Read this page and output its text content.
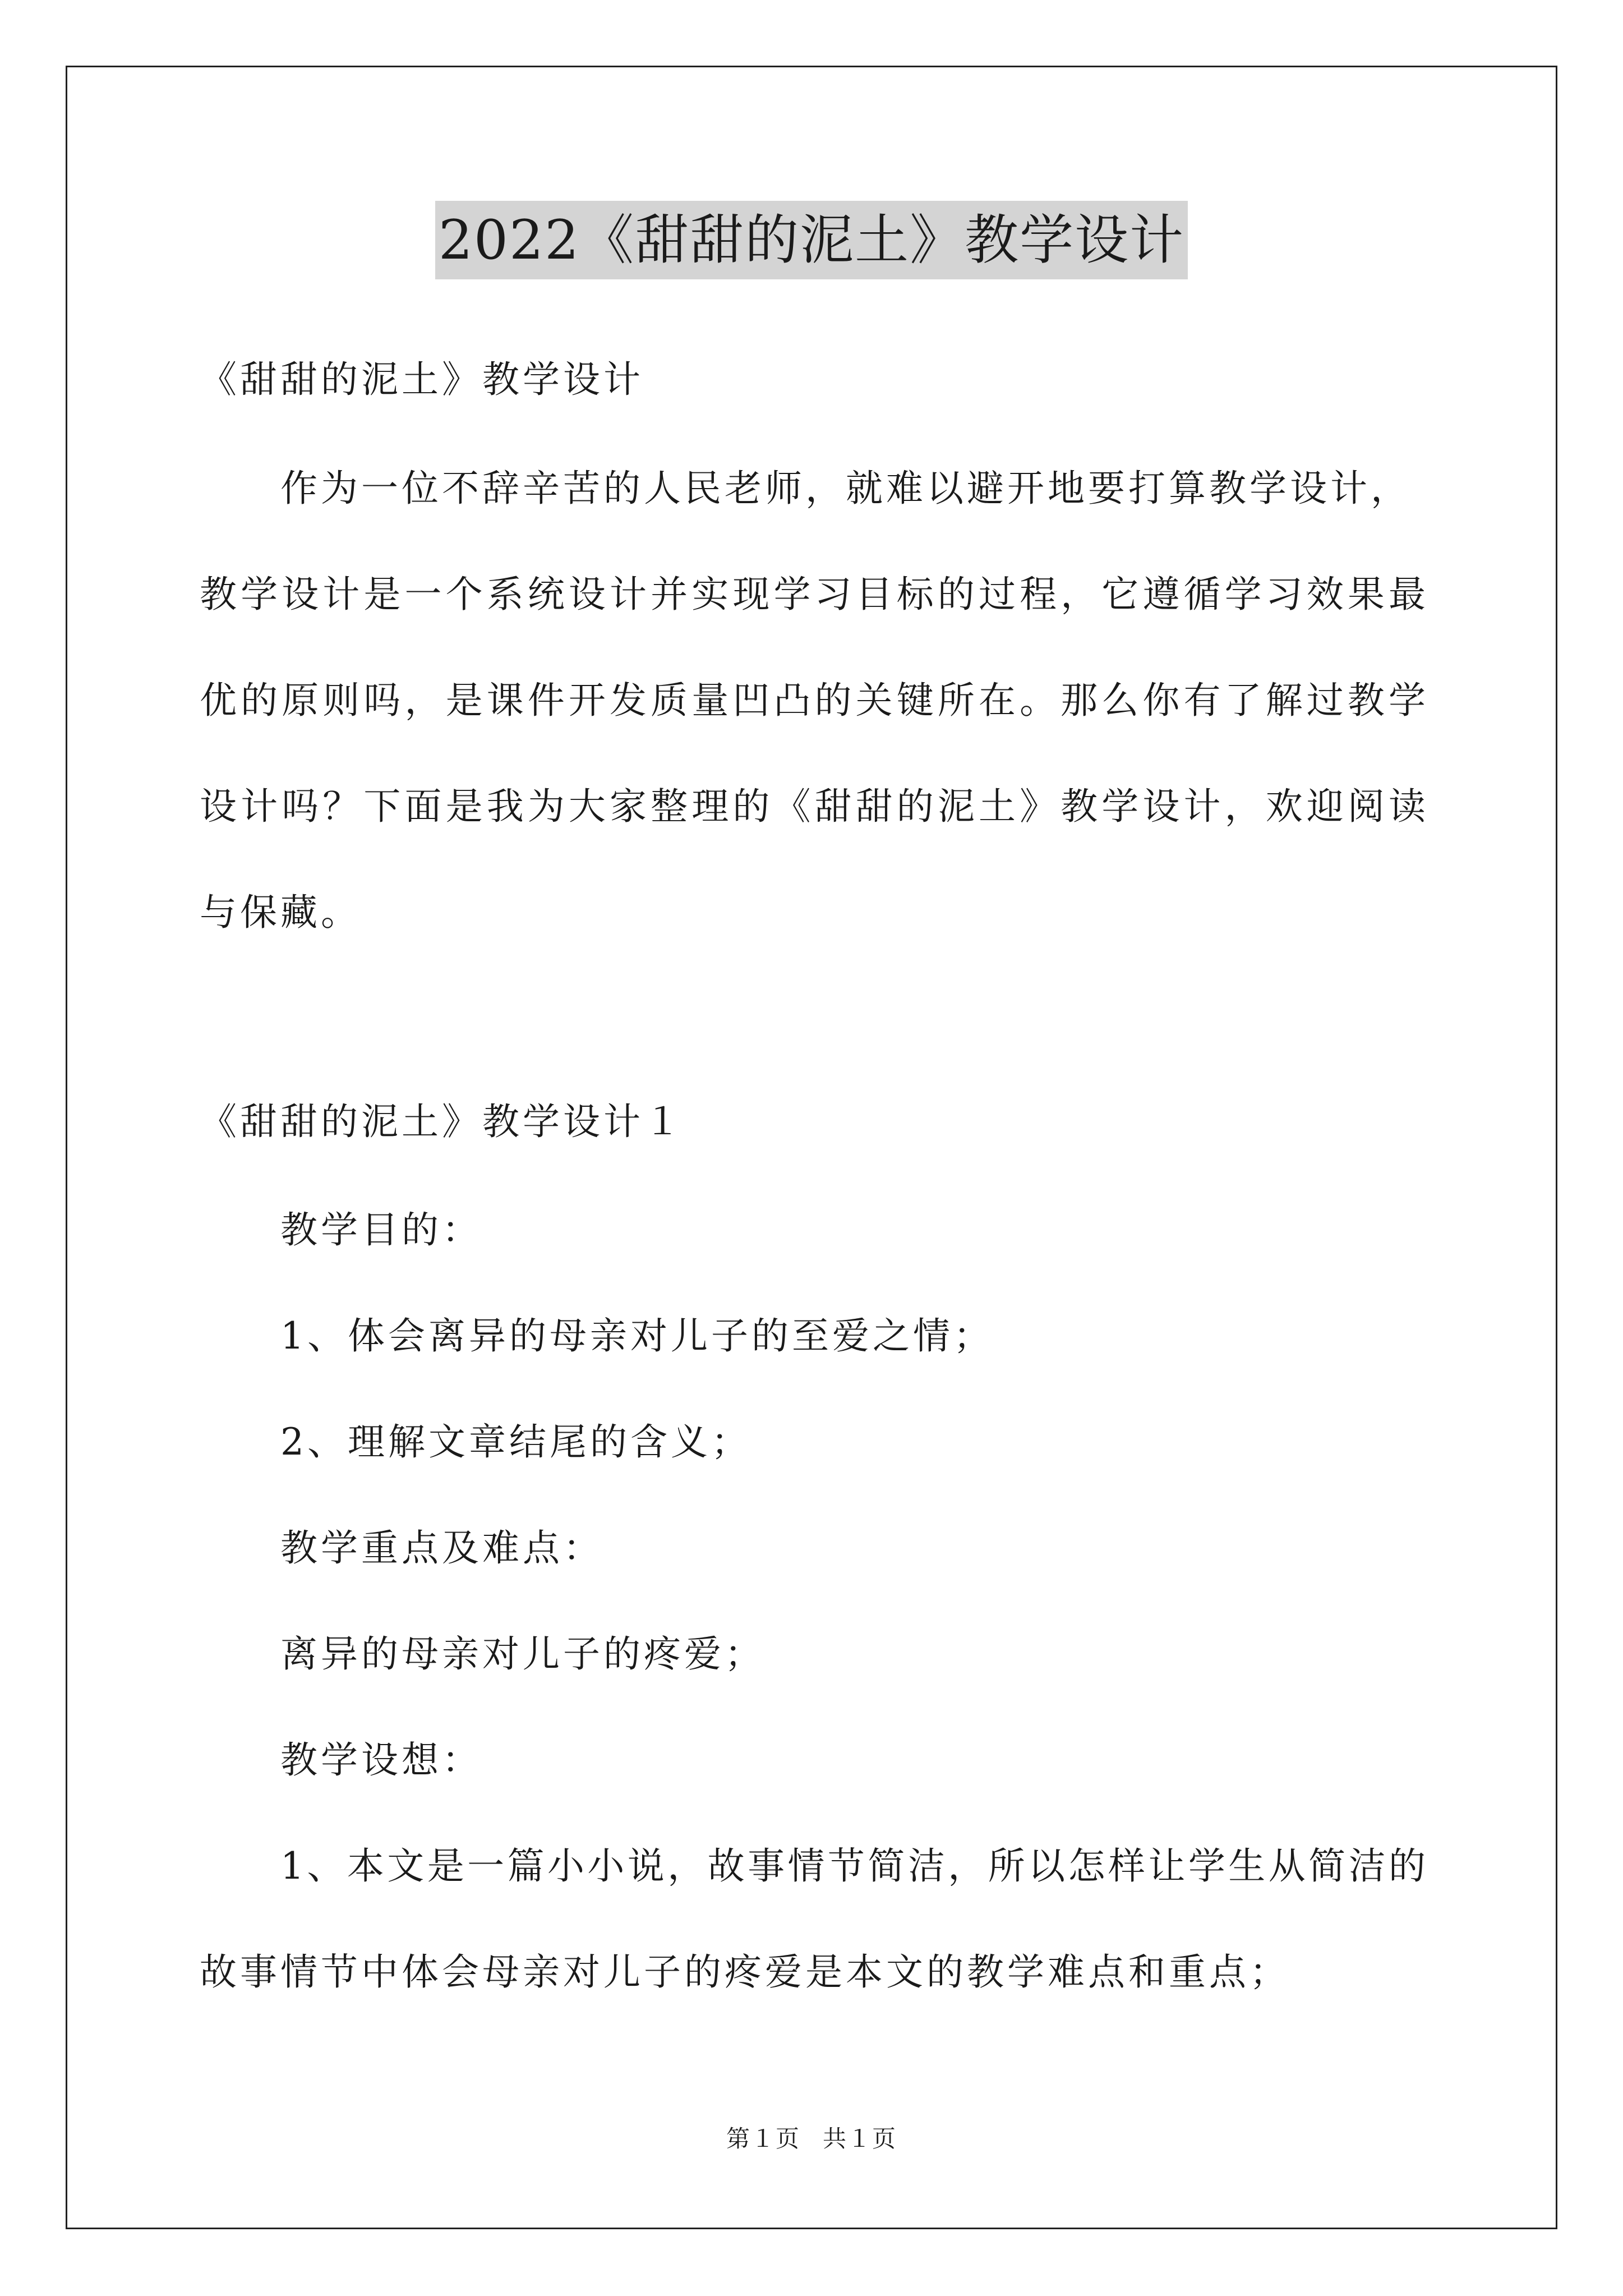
2022《甜甜的泥土》教学设计
《甜甜的泥土》教学设计
作为一位不辞辛苦的人民老师，就难以避开地要打算教学设计，
教学设计是一个系统设计并实现学习目标的过程，它遵循学习效果最
优的原则吗，是课件开发质量凹凸的关键所在。那么你有了解过教学
设计吗？下面是我为大家整理的《甜甜的泥土》教学设计，欢迎阅读
与保藏。
《甜甜的泥土》教学设计１
教学目的：
1、体会离异的母亲对儿子的至爱之情；
2、理解文章结尾的含义；
教学重点及难点：
离异的母亲对儿子的疼爱；
教学设想：
1、本文是一篇小小说，故事情节简洁，所以怎样让学生从简洁的
故事情节中体会母亲对儿子的疼爱是本文的教学难点和重点；
第１页 共１页
